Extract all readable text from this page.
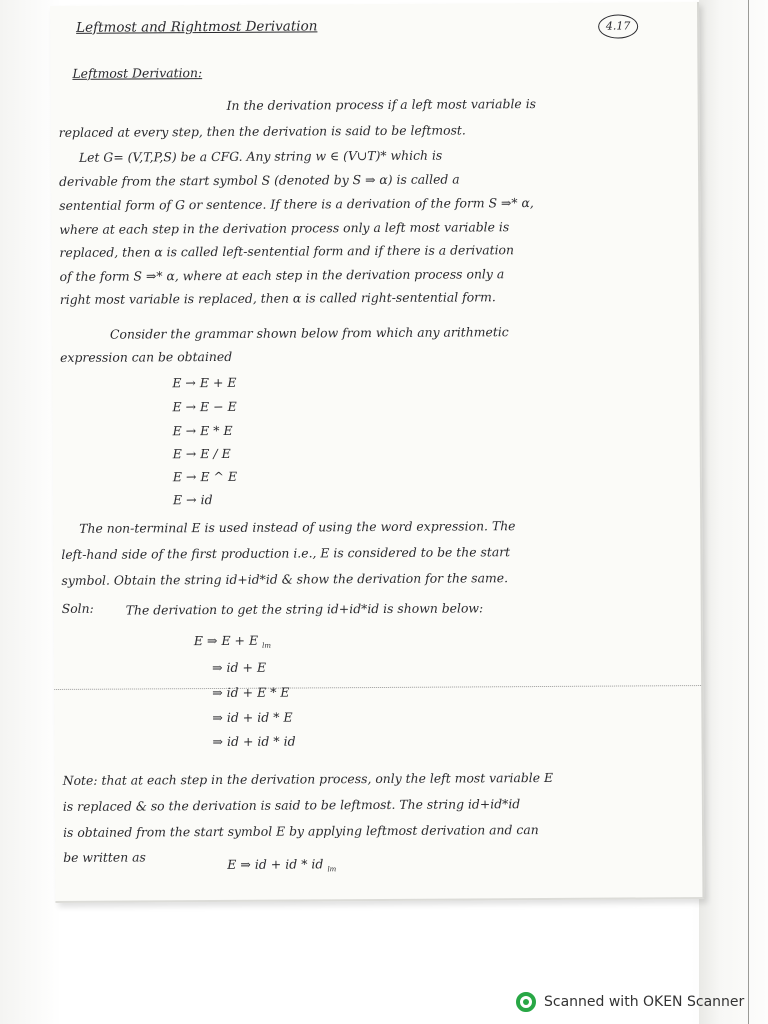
Leftmost and Rightmost Derivation	4.17
Leftmost Derivation:
In the derivation process if a left most variable is
replaced at every step, then the derivation is said to be leftmost.
Let G= (V,T,P,S) be a CFG. Any string w ∈ (V∪T)* which is
derivable from the start symbol S (denoted by S ⇒ α) is called a
sentential form of G or sentence. If there is a derivation of the form S ⇒* α,
where at each step in the derivation process only a left most variable is
replaced, then α is called left-sentential form and if there is a derivation
of the form S ⇒* α, where at each step in the derivation process only a
right most variable is replaced, then α is called right-sentential form.
Consider the grammar shown below from which any arithmetic
expression can be obtained
E → E + E
E → E − E
E → E * E
E → E / E
E → E ^ E
E → id
The non-terminal E is used instead of using the word expression. The
left-hand side of the first production i.e., E is considered to be the start
symbol. Obtain the string id+id*id & show the derivation for the same.
Soln:	The derivation to get the string id+id*id is shown below:
E ⇒ E + E $_{lm}$
⇒ id + E
⇒ id + E * E
⇒ id + id * E
⇒ id + id * id
Note: that at each step in the derivation process, only the left most variable E
is replaced & so the derivation is said to be leftmost. The string id+id*id
is obtained from the start symbol E by applying leftmost derivation and can
be written as	E ⇒ id + id * id $_{lm}$
Scanned with OKEN Scanner
